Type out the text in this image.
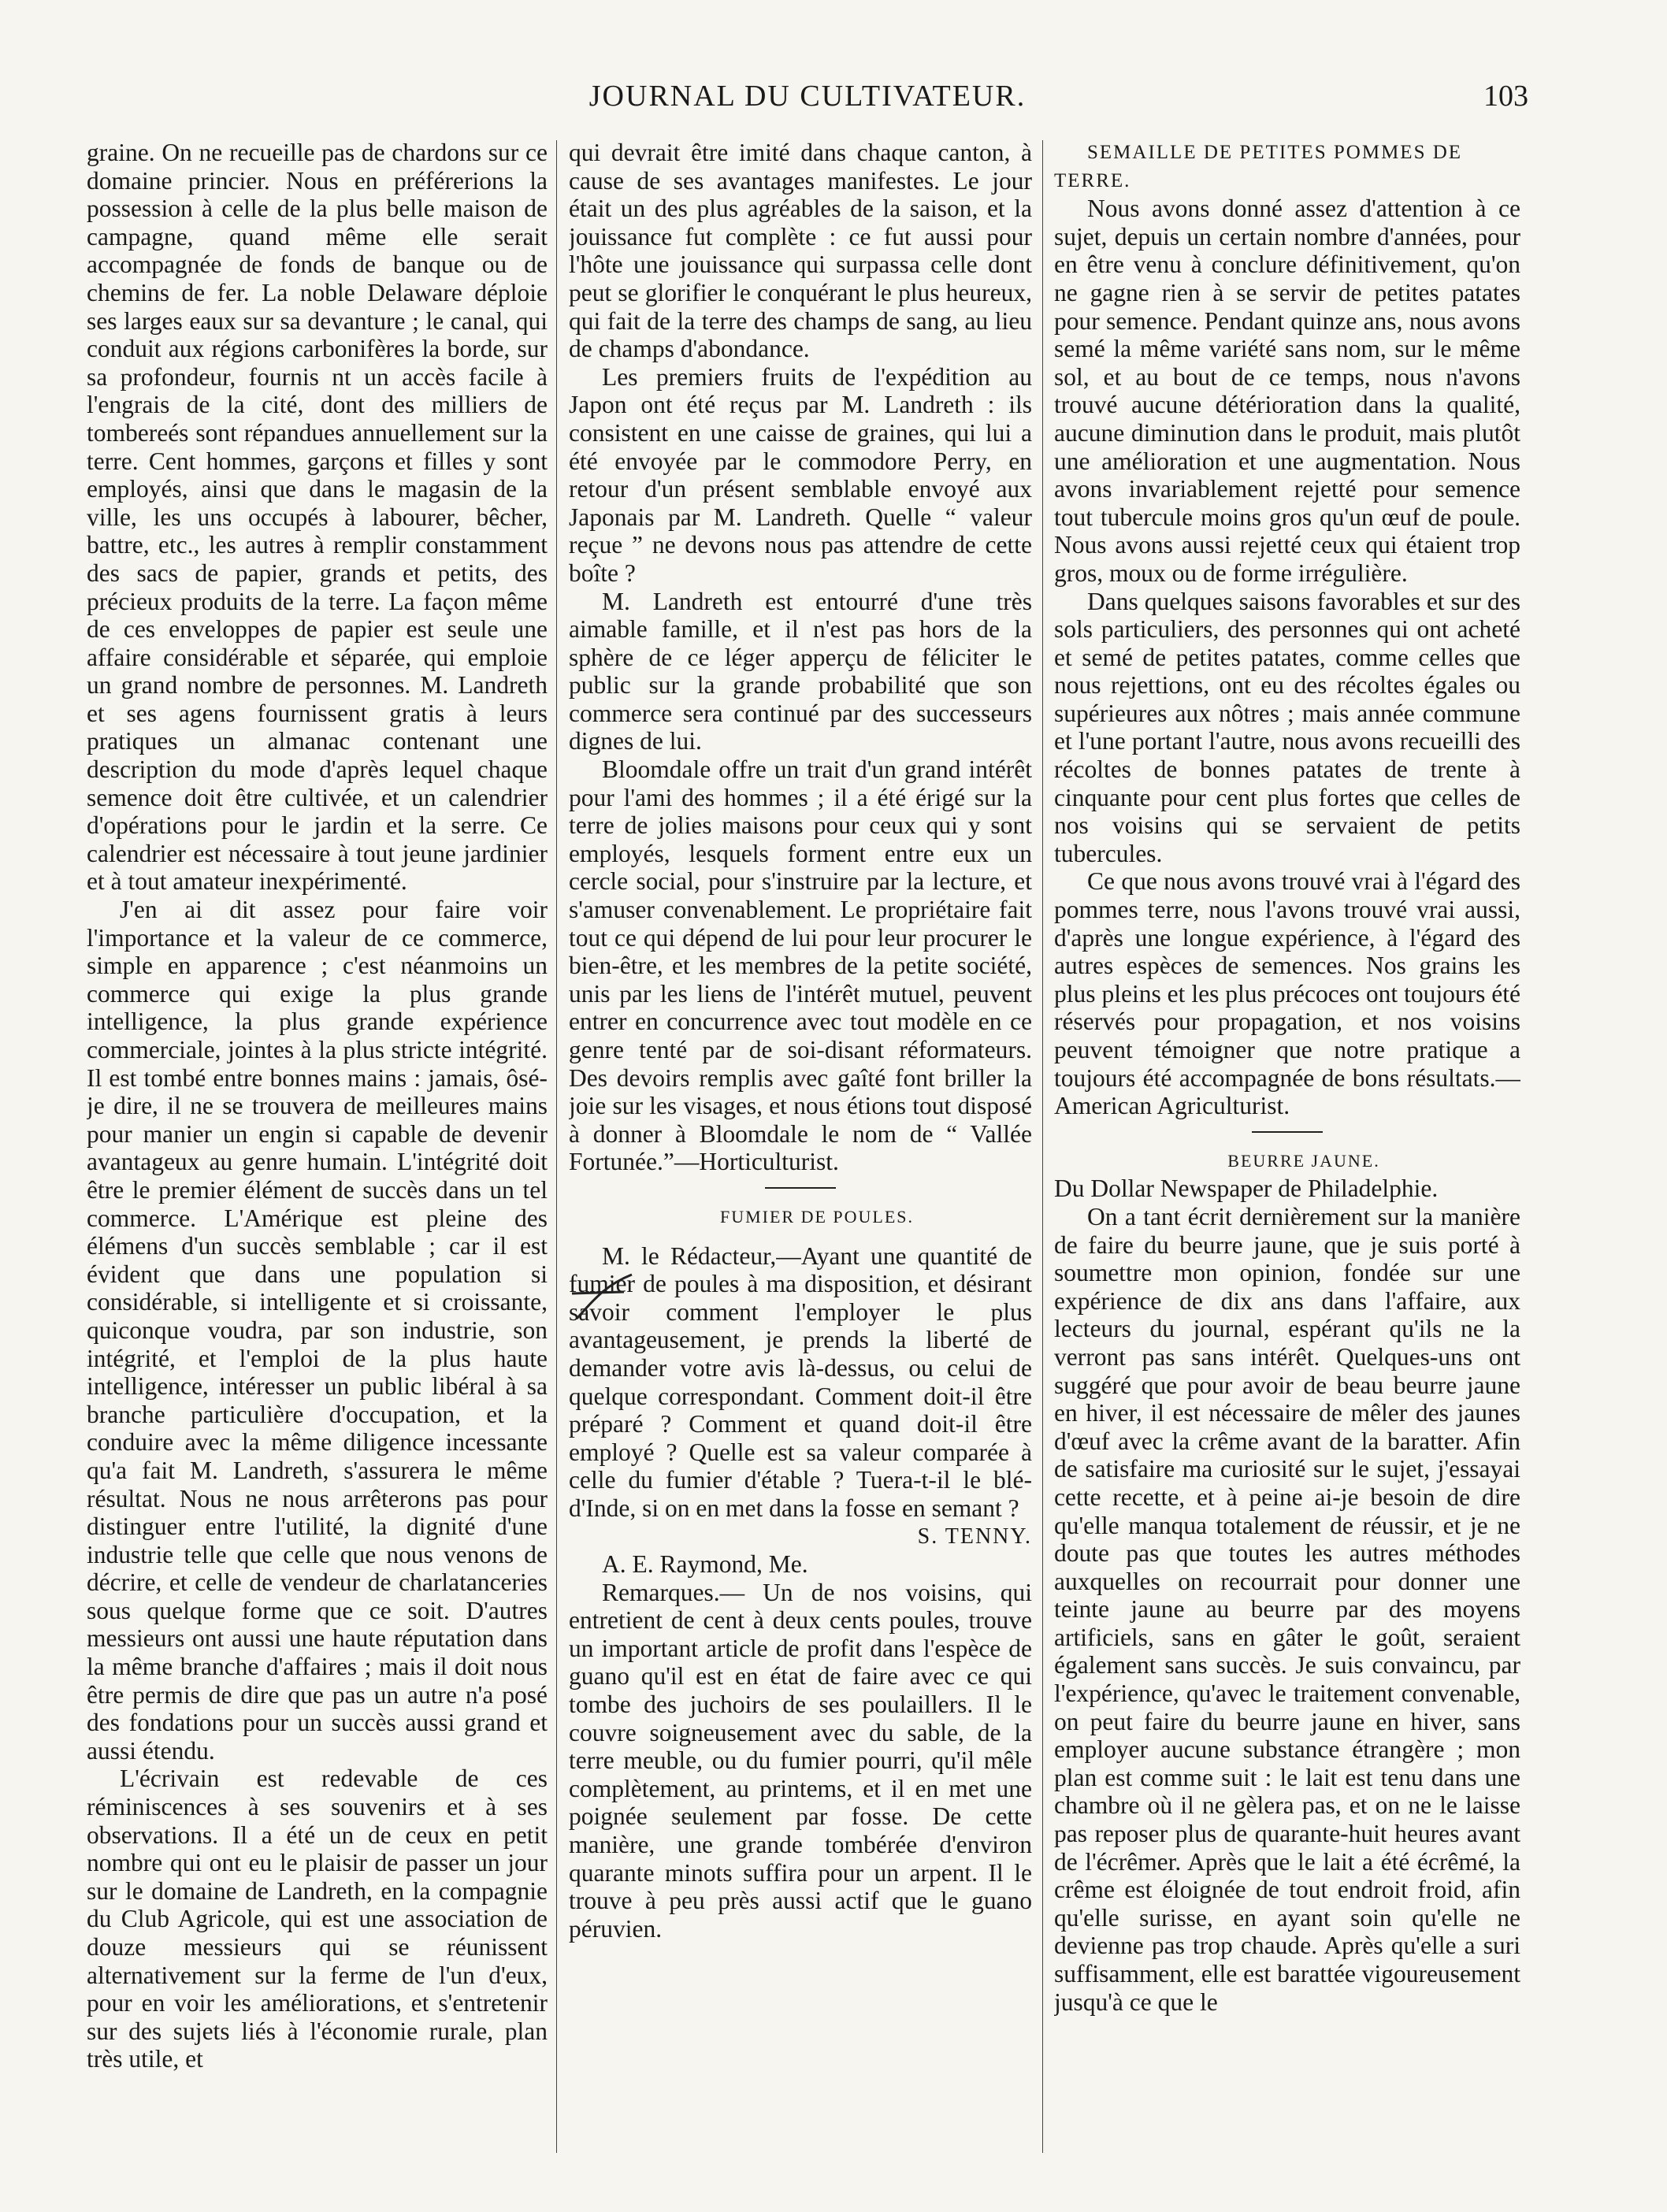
JOURNAL DU CULTIVATEUR.	103

graine. On ne recueille pas de chardons sur ce domaine princier. Nous en préférerions la possession à celle de la plus belle maison de campagne, quand même elle serait accompagnée de fonds de banque ou de chemins de fer. La noble Delaware déploie ses larges eaux sur sa devanture ; le canal, qui conduit aux régions carbonifères la borde, sur sa profondeur, fournis nt un accès facile à l'engrais de la cité, dont des milliers de tombereés sont répandues annuellement sur la terre. Cent hommes, garçons et filles y sont employés, ainsi que dans le magasin de la ville, les uns occupés à labourer, bêcher, battre, etc., les autres à remplir constamment des sacs de papier, grands et petits, des précieux produits de la terre. La façon même de ces enveloppes de papier est seule une affaire considérable et séparée, qui emploie un grand nombre de personnes. M. Landreth et ses agens fournissent gratis à leurs pratiques un almanac contenant une description du mode d'après lequel chaque semence doit être cultivée, et un calendrier d'opérations pour le jardin et la serre. Ce calendrier est nécessaire à tout jeune jardinier et à tout amateur inexpérimenté.

J'en ai dit assez pour faire voir l'importance et la valeur de ce commerce, simple en apparence ; c'est néanmoins un commerce qui exige la plus grande intelligence, la plus grande expérience commerciale, jointes à la plus stricte intégrité. Il est tombé entre bonnes mains : jamais, ôsé-je dire, il ne se trouvera de meilleures mains pour manier un engin si capable de devenir avantageux au genre humain. L'intégrité doit être le premier élément de succès dans un tel commerce. L'Amérique est pleine des élémens d'un succès semblable ; car il est évident que dans une population si considérable, si intelligente et si croissante, quiconque voudra, par son industrie, son intégrité, et l'emploi de la plus haute intelligence, intéresser un public libéral à sa branche particulière d'occupation, et la conduire avec la même diligence incessante qu'a fait M. Landreth, s'assurera le même résultat. Nous ne nous arrêterons pas pour distinguer entre l'utilité, la dignité d'une industrie telle que celle que nous venons de décrire, et celle de vendeur de charlatanceries sous quelque forme que ce soit. D'autres messieurs ont aussi une haute réputation dans la même branche d'affaires ; mais il doit nous être permis de dire que pas un autre n'a posé des fondations pour un succès aussi grand et aussi étendu.

L'écrivain est redevable de ces réminiscences à ses souvenirs et à ses observations. Il a été un de ceux en petit nombre qui ont eu le plaisir de passer un jour sur le domaine de Landreth, en la compagnie du Club Agricole, qui est une association de douze messieurs qui se réunissent alternativement sur la ferme de l'un d'eux, pour en voir les améliorations, et s'entretenir sur des sujets liés à l'économie rurale, plan très utile, et

qui devrait être imité dans chaque canton, à cause de ses avantages manifestes. Le jour était un des plus agréables de la saison, et la jouissance fut complète : ce fut aussi pour l'hôte une jouissance qui surpassa celle dont peut se glorifier le conquérant le plus heureux, qui fait de la terre des champs de sang, au lieu de champs d'abondance.

Les premiers fruits de l'expédition au Japon ont été reçus par M. Landreth : ils consistent en une caisse de graines, qui lui a été envoyée par le commodore Perry, en retour d'un présent semblable envoyé aux Japonais par M. Landreth. Quelle “ valeur reçue ” ne devons nous pas attendre de cette boîte ?

M. Landreth est entourré d'une très aimable famille, et il n'est pas hors de la sphère de ce léger apperçu de féliciter le public sur la grande probabilité que son commerce sera continué par des successeurs dignes de lui.

Bloomdale offre un trait d'un grand intérêt pour l'ami des hommes ; il a été érigé sur la terre de jolies maisons pour ceux qui y sont employés, lesquels forment entre eux un cercle social, pour s'instruire par la lecture, et s'amuser convenablement. Le propriétaire fait tout ce qui dépend de lui pour leur procurer le bien-être, et les membres de la petite société, unis par les liens de l'intérêt mutuel, peuvent entrer en concurrence avec tout modèle en ce genre tenté par de soi-disant réformateurs. Des devoirs remplis avec gaîté font briller la joie sur les visages, et nous étions tout disposé à donner à Bloomdale le nom de “ Vallée Fortunée.”—Horticulturist.

FUMIER DE POULES.

M. le Rédacteur,—Ayant une quantité de fumier de poules à ma disposition, et désirant savoir comment l'employer le plus avantageusement, je prends la liberté de demander votre avis là-dessus, ou celui de quelque correspondant. Comment doit-il être préparé ? Comment et quand doit-il être employé ? Quelle est sa valeur comparée à celle du fumier d'étable ? Tuera-t-il le blé-d'Inde, si on en met dans la fosse en semant ?

S. TENNY.

A. E. Raymond, Me.

Remarques.— Un de nos voisins, qui entretient de cent à deux cents poules, trouve un important article de profit dans l'espèce de guano qu'il est en état de faire avec ce qui tombe des juchoirs de ses poulaillers. Il le couvre soigneusement avec du sable, de la terre meuble, ou du fumier pourri, qu'il mêle complètement, au printems, et il en met une poignée seulement par fosse. De cette manière, une grande tombérée d'environ quarante minots suffira pour un arpent. Il le trouve à peu près aussi actif que le guano péruvien.

SEMAILLE DE PETITES POMMES DE TERRE.

Nous avons donné assez d'attention à ce sujet, depuis un certain nombre d'années, pour en être venu à conclure définitivement, qu'on ne gagne rien à se servir de petites patates pour semence. Pendant quinze ans, nous avons semé la même variété sans nom, sur le même sol, et au bout de ce temps, nous n'avons trouvé aucune détérioration dans la qualité, aucune diminution dans le produit, mais plutôt une amélioration et une augmentation. Nous avons invariablement rejetté pour semence tout tubercule moins gros qu'un œuf de poule. Nous avons aussi rejetté ceux qui étaient trop gros, moux ou de forme irrégulière.

Dans quelques saisons favorables et sur des sols particuliers, des personnes qui ont acheté et semé de petites patates, comme celles que nous rejettions, ont eu des récoltes égales ou supérieures aux nôtres ; mais année commune et l'une portant l'autre, nous avons recueilli des récoltes de bonnes patates de trente à cinquante pour cent plus fortes que celles de nos voisins qui se servaient de petits tubercules.

Ce que nous avons trouvé vrai à l'égard des pommes terre, nous l'avons trouvé vrai aussi, d'après une longue expérience, à l'égard des autres espèces de semences. Nos grains les plus pleins et les plus précoces ont toujours été réservés pour propagation, et nos voisins peuvent témoigner que notre pratique a toujours été accompagnée de bons résultats.— American Agriculturist.

BEURRE JAUNE.

Du Dollar Newspaper de Philadelphie.

On a tant écrit dernièrement sur la manière de faire du beurre jaune, que je suis porté à soumettre mon opinion, fondée sur une expérience de dix ans dans l'affaire, aux lecteurs du journal, espérant qu'ils ne la verront pas sans intérêt. Quelques-uns ont suggéré que pour avoir de beau beurre jaune en hiver, il est nécessaire de mêler des jaunes d'œuf avec la crême avant de la baratter. Afin de satisfaire ma curiosité sur le sujet, j'essayai cette recette, et à peine ai-je besoin de dire qu'elle manqua totalement de réussir, et je ne doute pas que toutes les autres méthodes auxquelles on recourrait pour donner une teinte jaune au beurre par des moyens artificiels, sans en gâter le goût, seraient également sans succès. Je suis convaincu, par l'expérience, qu'avec le traitement convenable, on peut faire du beurre jaune en hiver, sans employer aucune substance étrangère ; mon plan est comme suit : le lait est tenu dans une chambre où il ne gèlera pas, et on ne le laisse pas reposer plus de quarante-huit heures avant de l'écrêmer. Après que le lait a été écrêmé, la crême est éloignée de tout endroit froid, afin qu'elle surisse, en ayant soin qu'elle ne devienne pas trop chaude. Après qu'elle a suri suffisamment, elle est barattée vigoureusement jusqu'à ce que le
